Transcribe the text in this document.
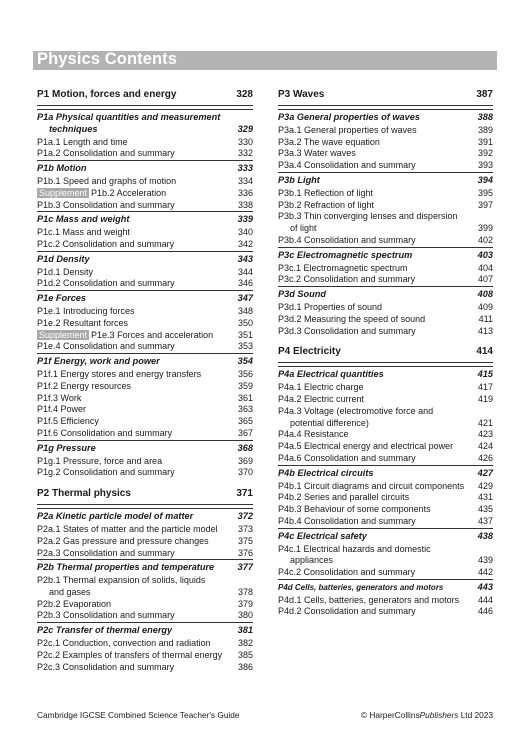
Physics Contents
P1 Motion, forces and energy	328
P1a Physical quantities and measurement
techniques	329
P1a.1 Length and time	330
P1a.2 Consolidation and summary	332
P1b Motion	333
P1b.1 Speed and graphs of motion	334
Supplement P1b.2 Acceleration	336
P1b.3 Consolidation and summary	338
P1c Mass and weight	339
P1c.1 Mass and weight	340
P1c.2 Consolidation and summary	342
P1d Density	343
P1d.1 Density	344
P1d.2 Consolidation and summary	346
P1e Forces	347
P1e.1 Introducing forces	348
P1e.2 Resultant forces	350
Supplement P1e.3 Forces and acceleration	351
P1e.4 Consolidation and summary	353
P1f Energy, work and power	354
P1f.1 Energy stores and energy transfers	356
P1f.2 Energy resources	359
P1f.3 Work	361
P1f.4 Power	363
P1f.5 Efficiency	365
P1f.6 Consolidation and summary	367
P1g Pressure	368
P1g.1 Pressure, force and area	369
P1g.2 Consolidation and summary	370
P2 Thermal physics	371
P2a Kinetic particle model of matter	372
P2a.1 States of matter and the particle model	373
P2a.2 Gas pressure and pressure changes	375
P2a.3 Consolidation and summary	376
P2b Thermal properties and temperature	377
P2b.1 Thermal expansion of solids, liquids
and gases	378
P2b.2 Evaporation	379
P2b.3 Consolidation and summary	380
P2c Transfer of thermal energy	381
P2c.1 Conduction, convection and radiation	382
P2c.2 Examples of transfers of thermal energy	385
P2c.3 Consolidation and summary	386
P3 Waves	387
P3a General properties of waves	388
P3a.1 General properties of waves	389
P3a.2 The wave equation	391
P3a.3 Water waves	392
P3a.4 Consolidation and summary	393
P3b Light	394
P3b.1 Reflection of light	395
P3b.2 Refraction of light	397
P3b.3 Thin converging lenses and dispersion
of light	399
P3b.4 Consolidation and summary	402
P3c Electromagnetic spectrum	403
P3c.1 Electromagnetic spectrum	404
P3c.2 Consolidation and summary	407
P3d Sound	408
P3d.1 Properties of sound	409
P3d.2 Measuring the speed of sound	411
P3d.3 Consolidation and summary	413
P4 Electricity	414
P4a Electrical quantities	415
P4a.1 Electric charge	417
P4a.2 Electric current	419
P4a.3 Voltage (electromotive force and
potential difference)	421
P4a.4 Resistance	423
P4a.5 Electrical energy and electrical power	424
P4a.6 Consolidation and summary	426
P4b Electrical circuits	427
P4b.1 Circuit diagrams and circuit components	429
P4b.2 Series and parallel circuits	431
P4b.3 Behaviour of some components	435
P4b.4 Consolidation and summary	437
P4c Electrical safety	438
P4c.1 Electrical hazards and domestic
appliances	439
P4c.2 Consolidation and summary	442
P4d Cells, batteries, generators and motors	443
P4d.1 Cells, batteries, generators and motors	444
P4d.2 Consolidation and summary	446
Cambridge IGCSE Combined Science Teacher's Guide	© HarperCollinsPublishers Ltd 2023
